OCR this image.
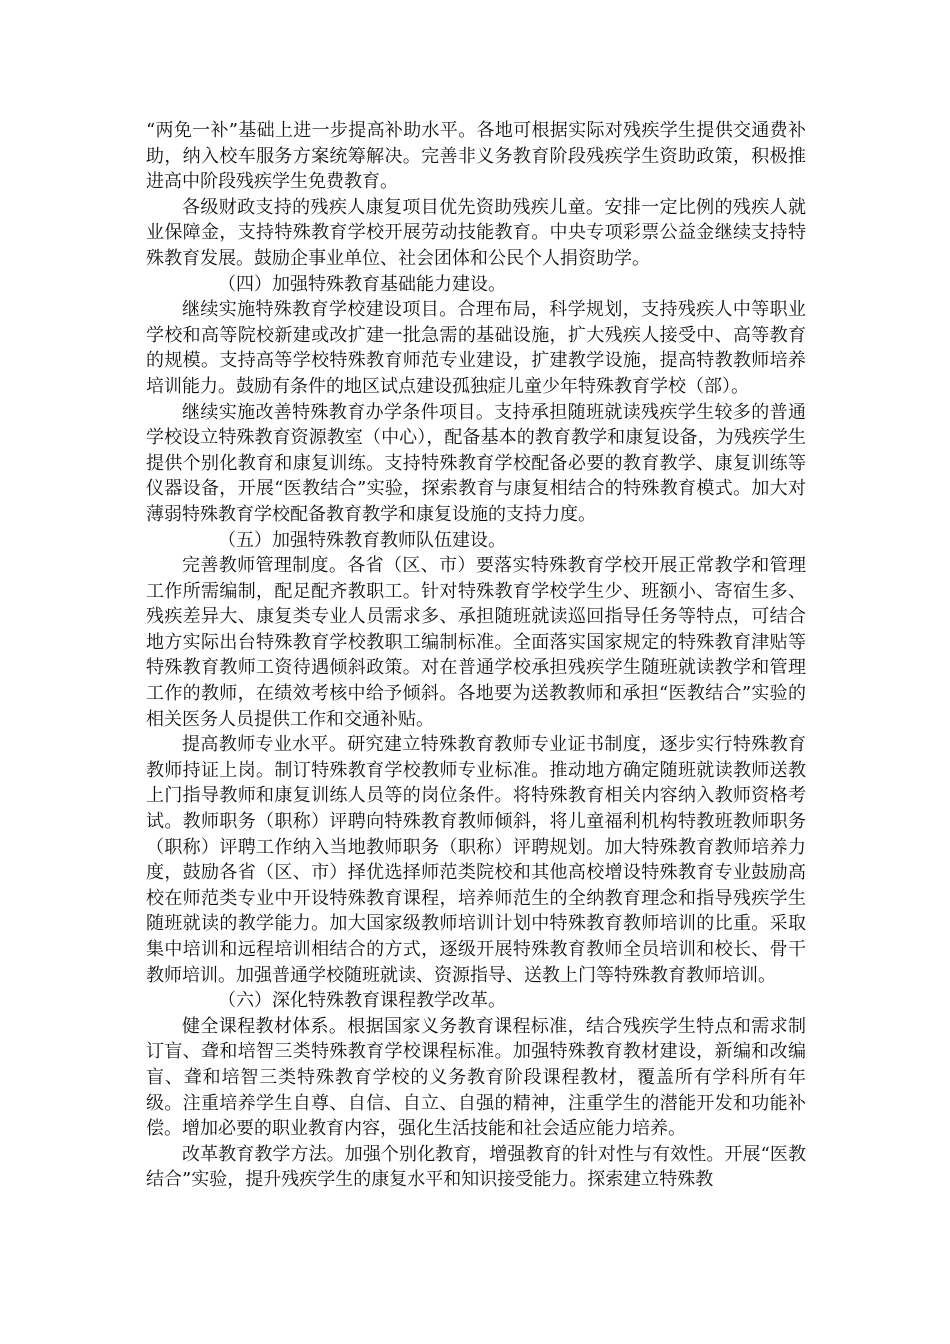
“两免一补”基础上进一步提高补助水平。各地可根据实际对残疾学生提供交通费补助，纳入校车服务方案统筹解决。完善非义务教育阶段残疾学生资助政策，积极推进高中阶段残疾学生免费教育。

各级财政支持的残疾人康复项目优先资助残疾儿童。安排一定比例的残疾人就业保障金，支持特殊教育学校开展劳动技能教育。中央专项彩票公益金继续支持特殊教育发展。鼓励企事业单位、社会团体和公民个人捐资助学。

（四）加强特殊教育基础能力建设。

继续实施特殊教育学校建设项目。合理布局，科学规划，支持残疾人中等职业学校和高等院校新建或改扩建一批急需的基础设施，扩大残疾人接受中、高等教育的规模。支持高等学校特殊教育师范专业建设，扩建教学设施，提高特教教师培养培训能力。鼓励有条件的地区试点建设孤独症儿童少年特殊教育学校（部）。

继续实施改善特殊教育办学条件项目。支持承担随班就读残疾学生较多的普通学校设立特殊教育资源教室（中心），配备基本的教育教学和康复设备，为残疾学生提供个别化教育和康复训练。支持特殊教育学校配备必要的教育教学、康复训练等仪器设备，开展“医教结合”实验，探索教育与康复相结合的特殊教育模式。加大对薄弱特殊教育学校配备教育教学和康复设施的支持力度。

（五）加强特殊教育教师队伍建设。

完善教师管理制度。各省（区、市）要落实特殊教育学校开展正常教学和管理工作所需编制，配足配齐教职工。针对特殊教育学校学生少、班额小、寄宿生多、残疾差异大、康复类专业人员需求多、承担随班就读巡回指导任务等特点，可结合地方实际出台特殊教育学校教职工编制标准。全面落实国家规定的特殊教育津贴等特殊教育教师工资待遇倾斜政策。对在普通学校承担残疾学生随班就读教学和管理工作的教师，在绩效考核中给予倾斜。各地要为送教教师和承担“医教结合”实验的相关医务人员提供工作和交通补贴。

提高教师专业水平。研究建立特殊教育教师专业证书制度，逐步实行特殊教育教师持证上岗。制订特殊教育学校教师专业标准。推动地方确定随班就读教师送教上门指导教师和康复训练人员等的岗位条件。将特殊教育相关内容纳入教师资格考试。教师职务（职称）评聘向特殊教育教师倾斜，将儿童福利机构特教班教师职务（职称）评聘工作纳入当地教师职务（职称）评聘规划。加大特殊教育教师培养力度，鼓励各省（区、市）择优选择师范类院校和其他高校增设特殊教育专业鼓励高校在师范类专业中开设特殊教育课程，培养师范生的全纳教育理念和指导残疾学生随班就读的教学能力。加大国家级教师培训计划中特殊教育教师培训的比重。采取集中培训和远程培训相结合的方式，逐级开展特殊教育教师全员培训和校长、骨干教师培训。加强普通学校随班就读、资源指导、送教上门等特殊教育教师培训。

（六）深化特殊教育课程教学改革。

健全课程教材体系。根据国家义务教育课程标准，结合残疾学生特点和需求制订盲、聋和培智三类特殊教育学校课程标准。加强特殊教育教材建设，新编和改编盲、聋和培智三类特殊教育学校的义务教育阶段课程教材，覆盖所有学科所有年级。注重培养学生自尊、自信、自立、自强的精神，注重学生的潜能开发和功能补偿。增加必要的职业教育内容，强化生活技能和社会适应能力培养。

改革教育教学方法。加强个别化教育，增强教育的针对性与有效性。开展“医教结合”实验，提升残疾学生的康复水平和知识接受能力。探索建立特殊教
